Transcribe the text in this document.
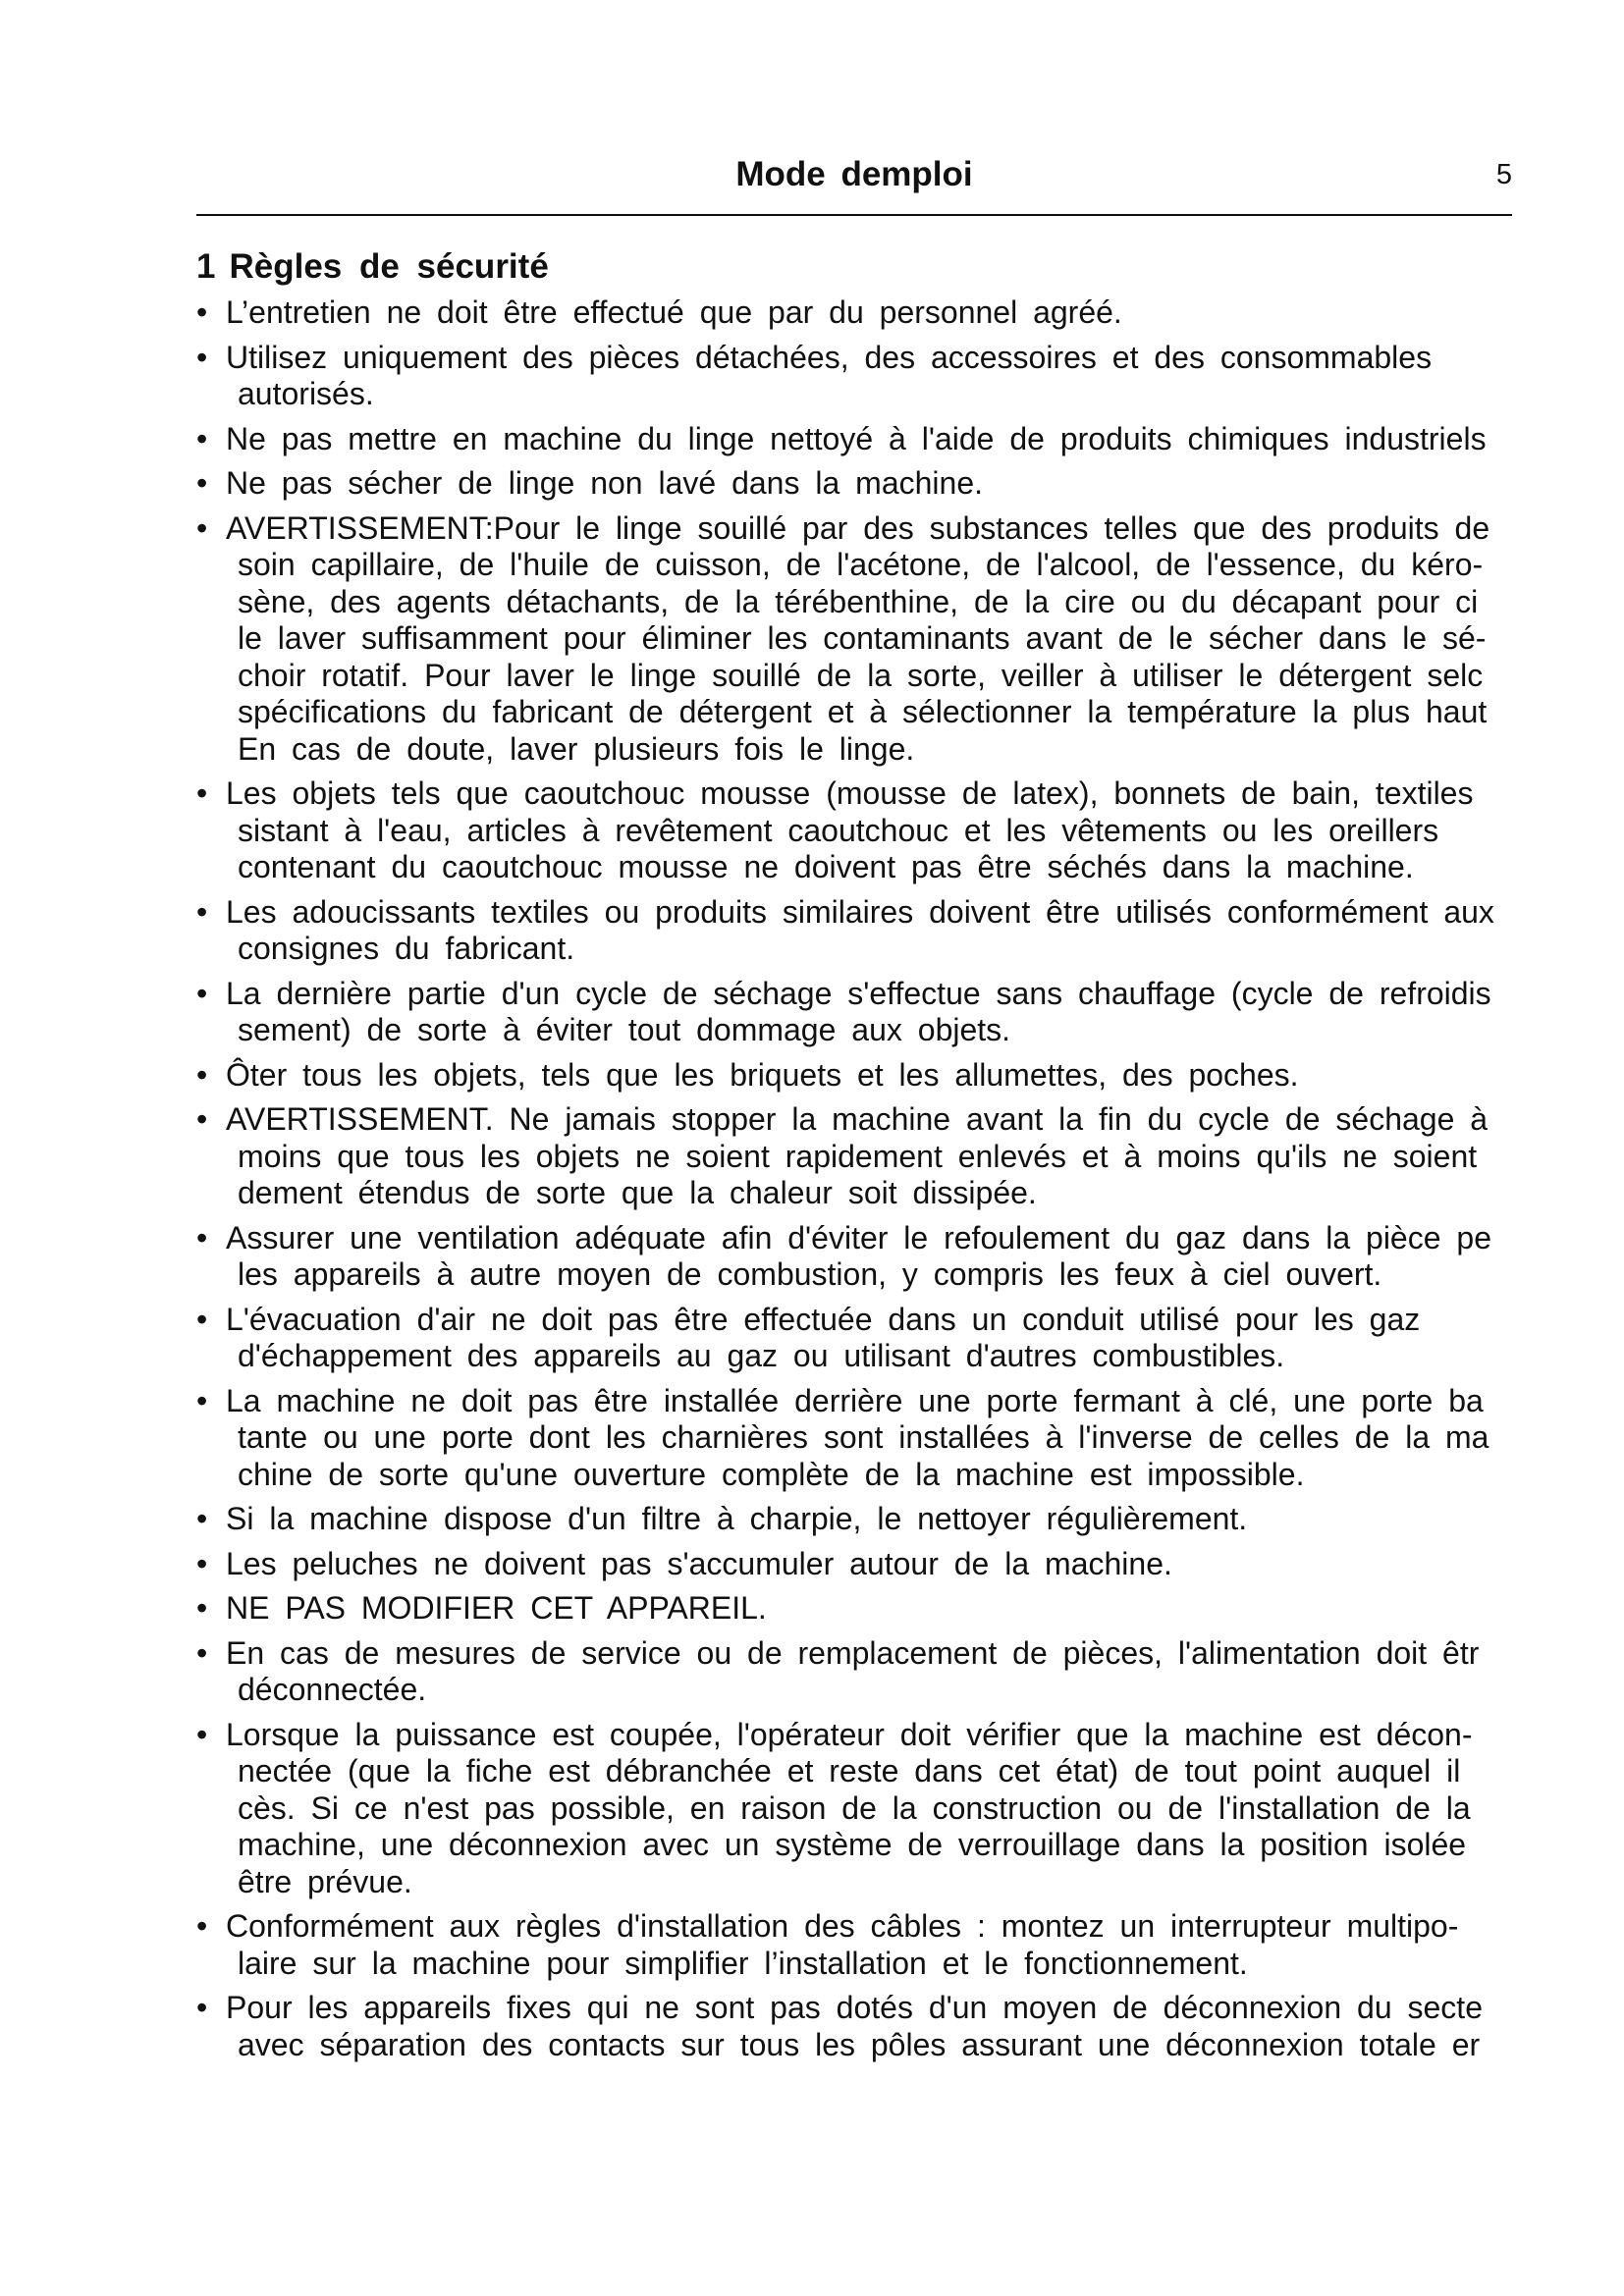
Mode demploi	5
1 Règles de sécurité
• L’entretien ne doit être effectué que par du personnel agréé.
• Utilisez uniquement des pièces détachées, des accessoires et des consommables
autorisés.
• Ne pas mettre en machine du linge nettoyé à l'aide de produits chimiques industriels
• Ne pas sécher de linge non lavé dans la machine.
• AVERTISSEMENT:Pour le linge souillé par des substances telles que des produits de
soin capillaire, de l'huile de cuisson, de l'acétone, de l'alcool, de l'essence, du kéro-
sène, des agents détachants, de la térébenthine, de la cire ou du décapant pour ci
le laver suffisamment pour éliminer les contaminants avant de le sécher dans le sé-
choir rotatif. Pour laver le linge souillé de la sorte, veiller à utiliser le détergent selc
spécifications du fabricant de détergent et à sélectionner la température la plus haut
En cas de doute, laver plusieurs fois le linge.
• Les objets tels que caoutchouc mousse (mousse de latex), bonnets de bain, textiles
sistant à l'eau, articles à revêtement caoutchouc et les vêtements ou les oreillers
contenant du caoutchouc mousse ne doivent pas être séchés dans la machine.
• Les adoucissants textiles ou produits similaires doivent être utilisés conformément aux
consignes du fabricant.
• La dernière partie d'un cycle de séchage s'effectue sans chauffage (cycle de refroidis
sement) de sorte à éviter tout dommage aux objets.
• Ôter tous les objets, tels que les briquets et les allumettes, des poches.
• AVERTISSEMENT. Ne jamais stopper la machine avant la fin du cycle de séchage à
moins que tous les objets ne soient rapidement enlevés et à moins qu'ils ne soient
dement étendus de sorte que la chaleur soit dissipée.
• Assurer une ventilation adéquate afin d'éviter le refoulement du gaz dans la pièce pe
les appareils à autre moyen de combustion, y compris les feux à ciel ouvert.
• L'évacuation d'air ne doit pas être effectuée dans un conduit utilisé pour les gaz
d'échappement des appareils au gaz ou utilisant d'autres combustibles.
• La machine ne doit pas être installée derrière une porte fermant à clé, une porte ba
tante ou une porte dont les charnières sont installées à l'inverse de celles de la ma
chine de sorte qu'une ouverture complète de la machine est impossible.
• Si la machine dispose d'un filtre à charpie, le nettoyer régulièrement.
• Les peluches ne doivent pas s'accumuler autour de la machine.
• NE PAS MODIFIER CET APPAREIL.
• En cas de mesures de service ou de remplacement de pièces, l'alimentation doit êtr
déconnectée.
• Lorsque la puissance est coupée, l'opérateur doit vérifier que la machine est décon-
nectée (que la fiche est débranchée et reste dans cet état) de tout point auquel il
cès. Si ce n'est pas possible, en raison de la construction ou de l'installation de la
machine, une déconnexion avec un système de verrouillage dans la position isolée
être prévue.
• Conformément aux règles d'installation des câbles : montez un interrupteur multipo-
laire sur la machine pour simplifier l’installation et le fonctionnement.
• Pour les appareils fixes qui ne sont pas dotés d'un moyen de déconnexion du secte
avec séparation des contacts sur tous les pôles assurant une déconnexion totale er
